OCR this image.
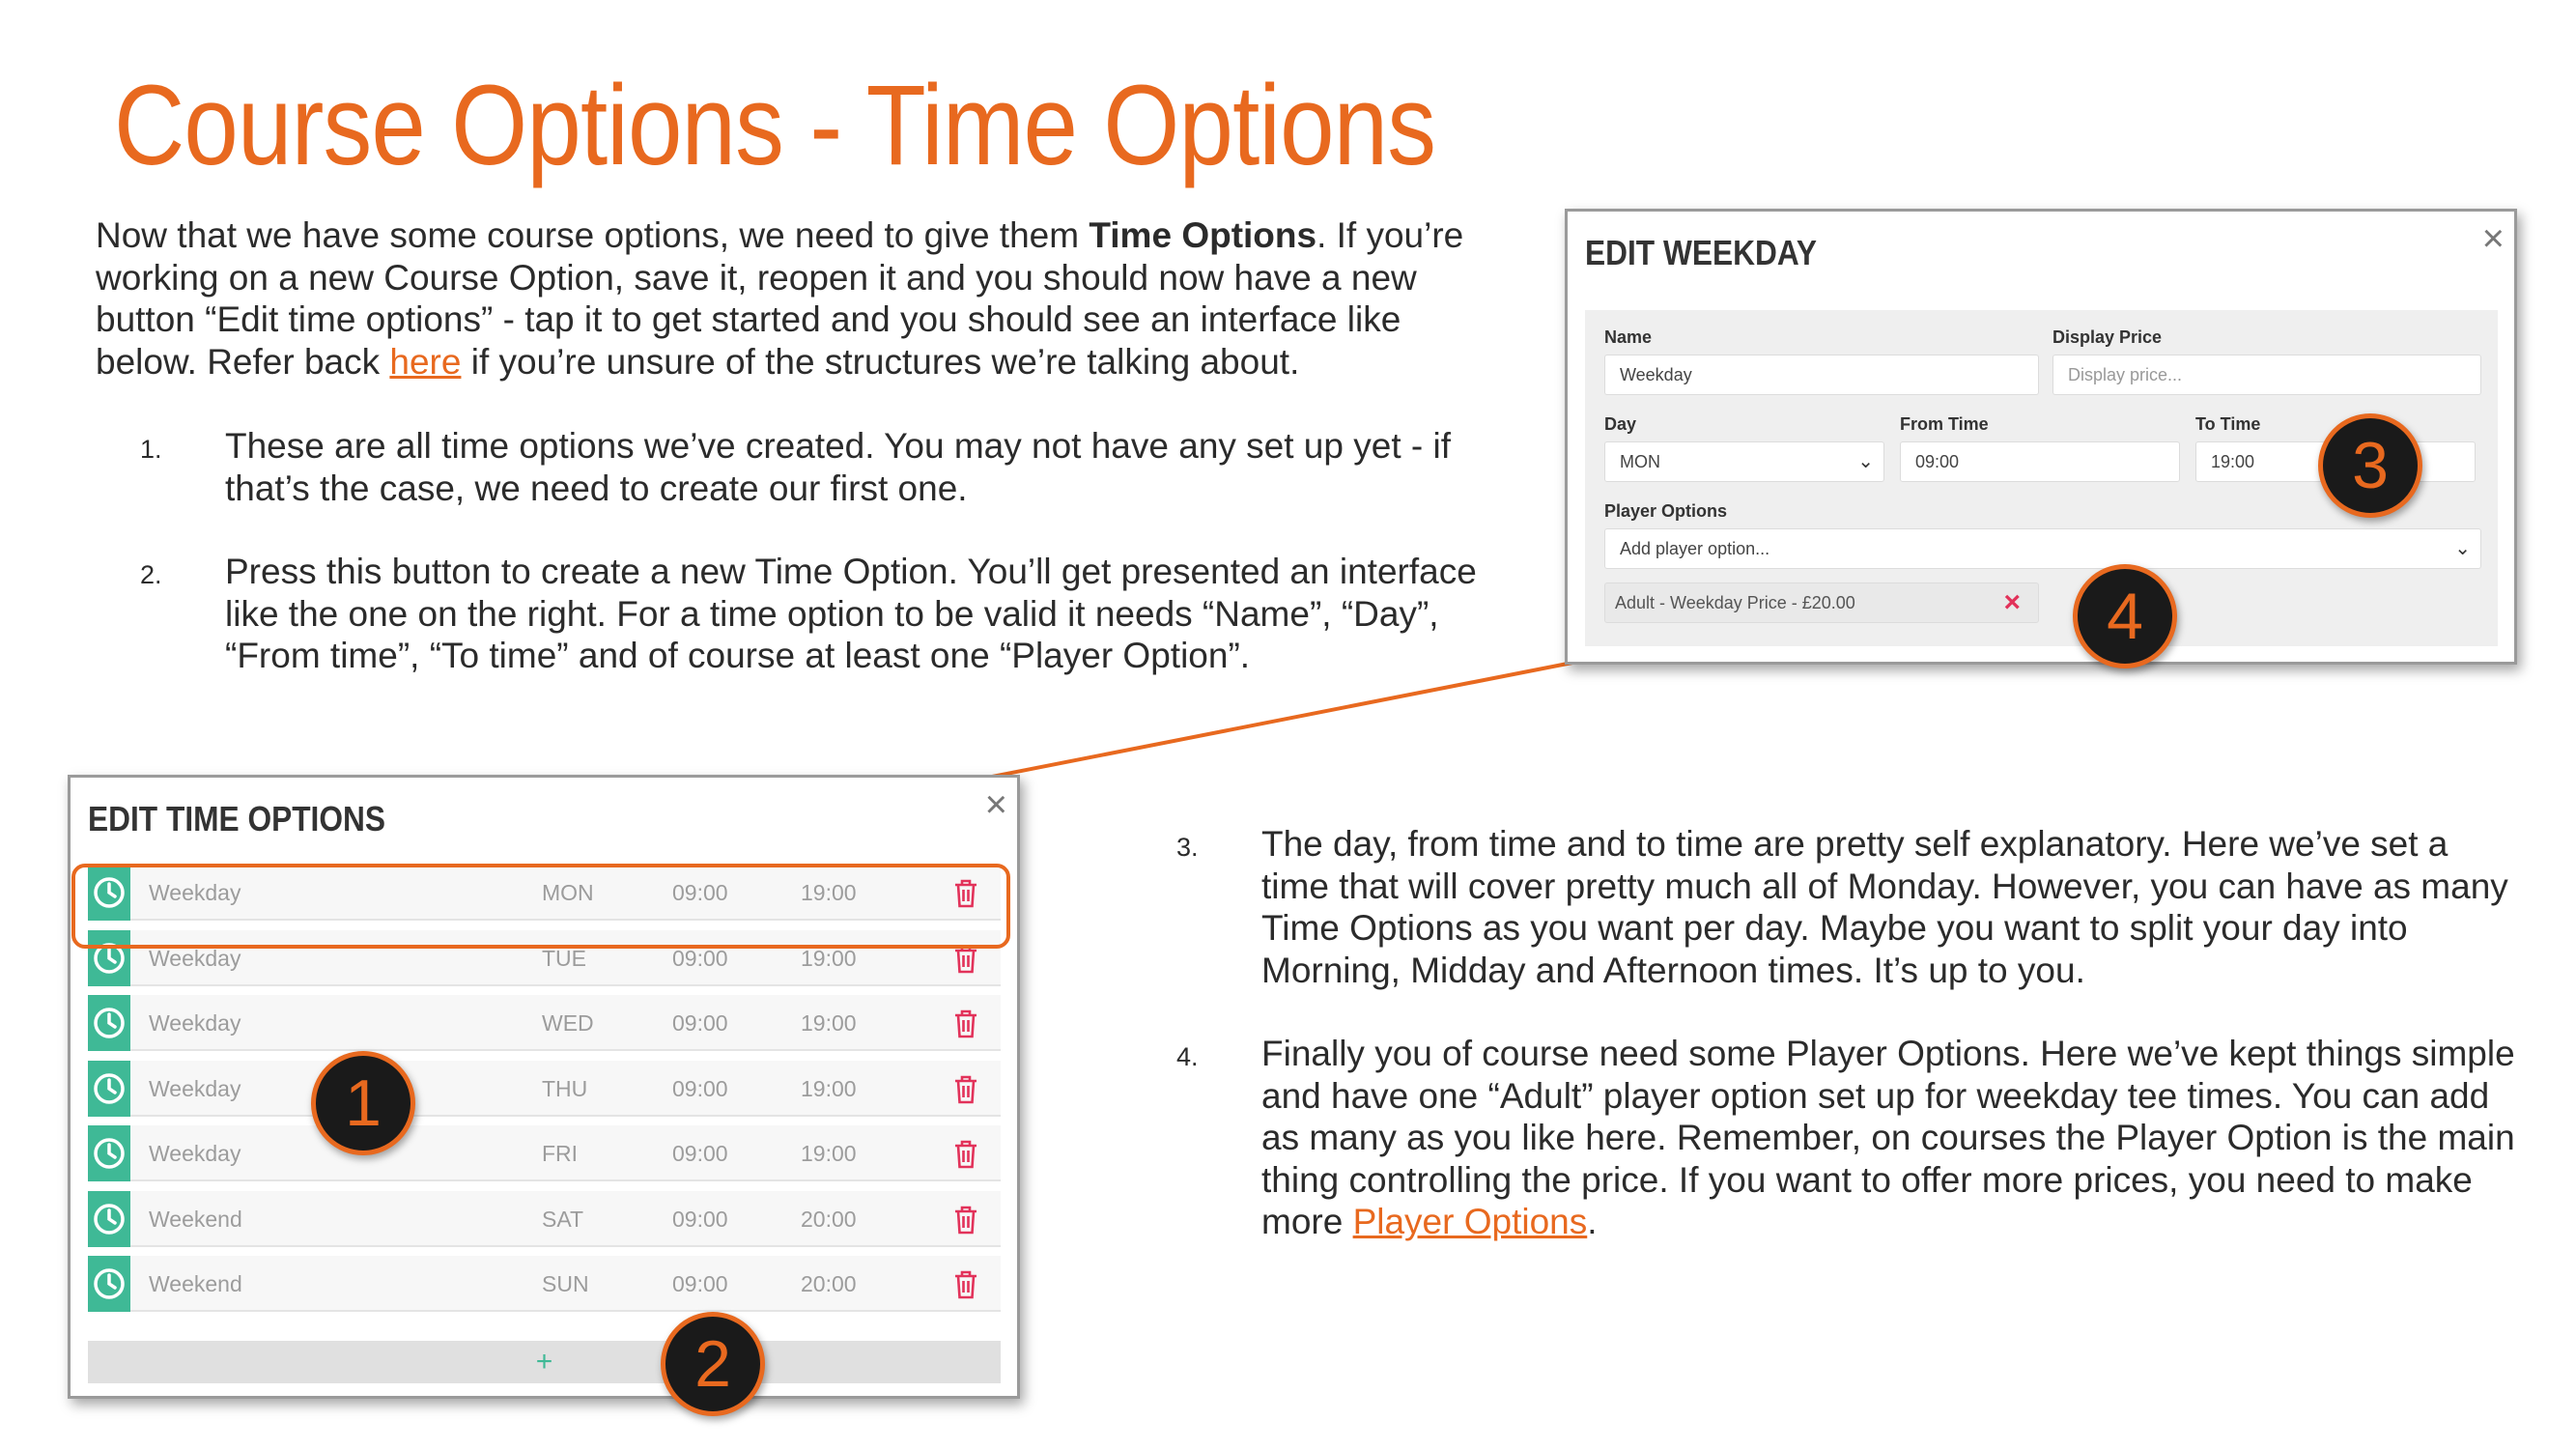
Course Options - Time Options
Now that we have some course options, we need to give them Time Options. If you’re working on a new Course Option, save it, reopen it and you should now have a new button “Edit time options” - tap it to get started and you should see an interface like below. Refer back here if you’re unsure of the structures we’re talking about.
1. These are all time options we’ve created. You may not have any set up yet - if that’s the case, we need to create our first one.
2. Press this button to create a new Time Option. You’ll get presented an interface like the one on the right. For a time option to be valid it needs “Name”, “Day”, “From time”, “To time” and of course at least one “Player Option”.
3. The day, from time and to time are pretty self explanatory. Here we’ve set a time that will cover pretty much all of Monday. However, you can have as many Time Options as you want per day. Maybe you want to split your day into Morning, Midday and Afternoon times. It’s up to you.
4. Finally you of course need some Player Options. Here we’ve kept things simple and have one “Adult” player option set up for weekday tee times. You can add as many as you like here. Remember, on courses the Player Option is the main thing controlling the price. If you want to offer more prices, you need to make more Player Options.
EDIT TIME OPTIONS	×
Weekday	MON	09:00	19:00
Weekday	TUE	09:00	19:00
Weekday	WED	09:00	19:00
Weekday	THU	09:00	19:00
Weekday	FRI	09:00	19:00
Weekend	SAT	09:00	20:00
Weekend	SUN	09:00	20:00
+
EDIT WEEKDAY	×
Name
Weekday
Display Price
Display price...
Day
MON	⌄
From Time
09:00
To Time
19:00
Player Options
Add player option...	⌄
Adult - Weekday Price - £20.00	×
1
2
3
4
